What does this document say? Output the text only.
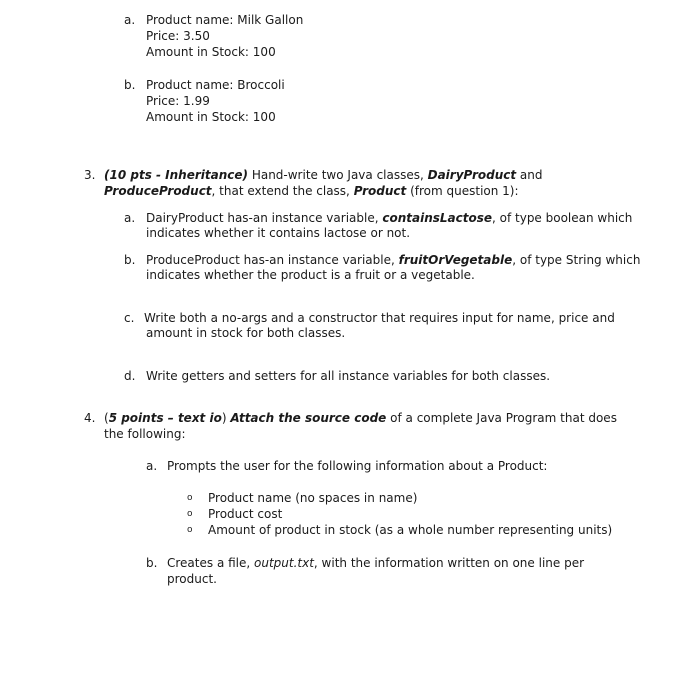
a. Product name: Milk Gallon
Price: 3.50
Amount in Stock: 100
b. Product name: Broccoli
Price: 1.99
Amount in Stock: 100
3. (10 pts - Inheritance) Hand-write two Java classes, DairyProduct and
ProduceProduct, that extend the class, Product (from question 1):
a. DairyProduct has-an instance variable, containsLactose, of type boolean which
indicates whether it contains lactose or not.
b. ProduceProduct has-an instance variable, fruitOrVegetable, of type String which
indicates whether the product is a fruit or a vegetable.
c. Write both a no-args and a constructor that requires input for name, price and
amount in stock for both classes.
d. Write getters and setters for all instance variables for both classes.
4. (5 points – text io) Attach the source code of a complete Java Program that does
the following:
a. Prompts the user for the following information about a Product:
o Product name (no spaces in name)
o Product cost
o Amount of product in stock (as a whole number representing units)
b. Creates a file, output.txt, with the information written on one line per
product.
